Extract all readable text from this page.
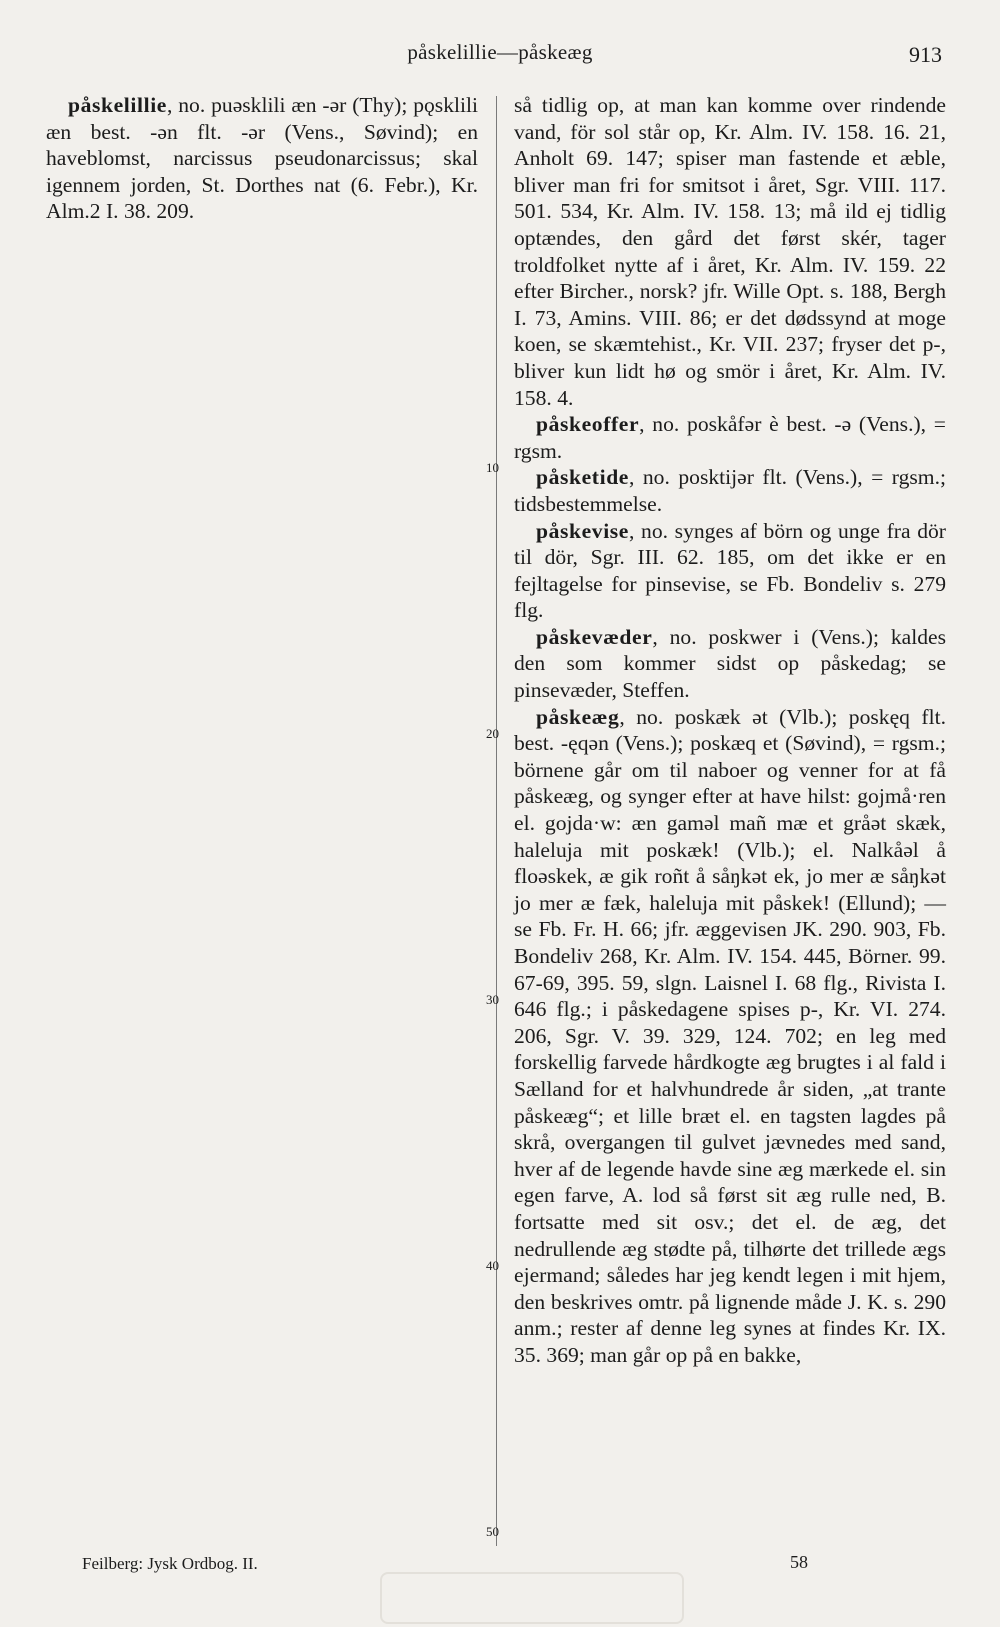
påskelillie—påskeæg	913

påskelillie, no. puəsklili æn -ər (Thy); pǫsklili æn best. -ən flt. -ər (Vens., Søvind); en haveblomst, narcissus pseudonarcissus; skal igennem jorden, St. Dorthes nat (6. Febr.), Kr. Alm.2 I. 38. 209.

så tidlig op, at man kan komme over rindende vand, för sol står op, Kr. Alm. IV. 158. 16. 21, Anholt 69. 147; spiser man fastende et æble, bliver man fri for smitsot i året, Sgr. VIII. 117. 501. 534, Kr. Alm. IV. 158. 13; må ild ej tidlig optændes, den gård det først skér, tager troldfolket nytte af i året, Kr. Alm. IV. 159. 22 efter Bircher., norsk? jfr. Wille Opt. s. 188, Bergh I. 73, Amins. VIII. 86; er det dødssynd at moge koen, se skæmtehist., Kr. VII. 237; fryser det p-, bliver kun lidt hø og smör i året, Kr. Alm. IV. 158. 4.

påskeoffer, no. poskåfər è best. -ə (Vens.), = rgsm.

påsketide, no. posktijər flt. (Vens.), = rgsm.; tidsbestemmelse.

påskevise, no. synges af börn og unge fra dör til dör, Sgr. III. 62. 185, om det ikke er en fejltagelse for pinsevise, se Fb. Bondeliv s. 279 flg.

påskevæder, no. poskwer i (Vens.); kaldes den som kommer sidst op påskedag; se pinsevæder, Steffen.

påskeæg, no. poskæk ət (Vlb.); poskęq flt. best. -ęqən (Vens.); poskæq et (Søvind), = rgsm.; börnene går om til naboer og venner for at få påskeæg, og synger efter at have hilst: gojmå·ren el. gojda·w: æn gaməl mañ mæ et gråət skæk, haleluja mit poskæk! (Vlb.); el. Nalkåəl å floəskek, æ gik roñt å såŋkət ek, jo mer æ såŋkət jo mer æ fæk, haleluja mit påskek! (Ellund); — se Fb. Fr. H. 66; jfr. æggevisen JK. 290. 903, Fb. Bondeliv 268, Kr. Alm. IV. 154. 445, Börner. 99. 67-69, 395. 59, slgn. Laisnel I. 68 flg., Rivista I. 646 flg.; i påskedagene spises p-, Kr. VI. 274. 206, Sgr. V. 39. 329, 124. 702; en leg med forskellig farvede hårdkogte æg brugtes i al fald i Sælland for et halvhundrede år siden, „at trante påskeæg“; et lille bræt el. en tagsten lagdes på skrå, overgangen til gulvet jævnedes med sand, hver af de legende havde sine æg mærkede el. sin egen farve, A. lod så først sit æg rulle ned, B. fortsatte med sit osv.; det el. de æg, det nedrullende æg stødte på, tilhørte det trillede ægs ejermand; således har jeg kendt legen i mit hjem, den beskrives omtr. på lignende måde J. K. s. 290 anm.; rester af denne leg synes at findes Kr. IX. 35. 369; man går op på en bakke,

10
20
30
40
50
Feilberg: Jysk Ordbog. II.	58
